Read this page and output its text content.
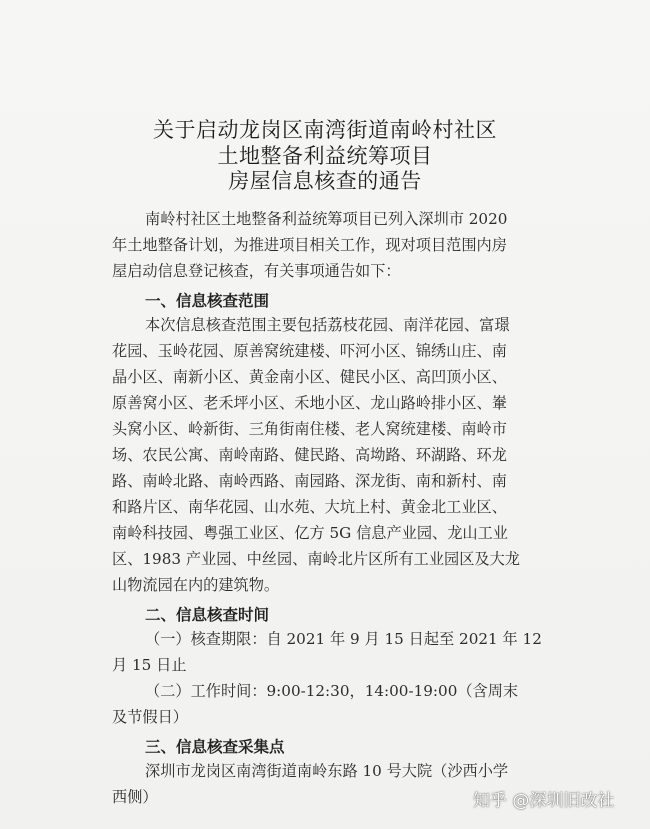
关于启动龙岗区南湾街道南岭村社区
土地整备利益统筹项目
房屋信息核查的通告
南岭村社区土地整备利益统筹项目已列入深圳市 2020
年土地整备计划，为推进项目相关工作，现对项目范围内房
屋启动信息登记核查，有关事项通告如下：
一、信息核查范围
本次信息核查范围主要包括荔枝花园、南洋花园、富璟
花园、玉岭花园、原善窝统建楼、吓河小区、锦绣山庄、南
晶小区、南新小区、黄金南小区、健民小区、高凹顶小区、
原善窝小区、老禾坪小区、禾地小区、龙山路岭排小区、輋
头窝小区、岭新街、三角街南住楼、老人窝统建楼、南岭市
场、农民公寓、南岭南路、健民路、高坳路、环湖路、环龙
路、南岭北路、南岭西路、南园路、深龙街、南和新村、南
和路片区、南华花园、山水苑、大坑上村、黄金北工业区、
南岭科技园、粤强工业区、亿方 5G 信息产业园、龙山工业
区、1983 产业园、中丝园、南岭北片区所有工业园区及大龙
山物流园在内的建筑物。
二、信息核查时间
（一）核查期限：自 2021 年 9 月 15 日起至 2021 年 12
月 15 日止
（二）工作时间：9:00-12:30，14:00-19:00（含周末
及节假日）
三、信息核查采集点
深圳市龙岗区南湾街道南岭东路 10 号大院（沙西小学
西侧）	知乎 @深圳旧改社
